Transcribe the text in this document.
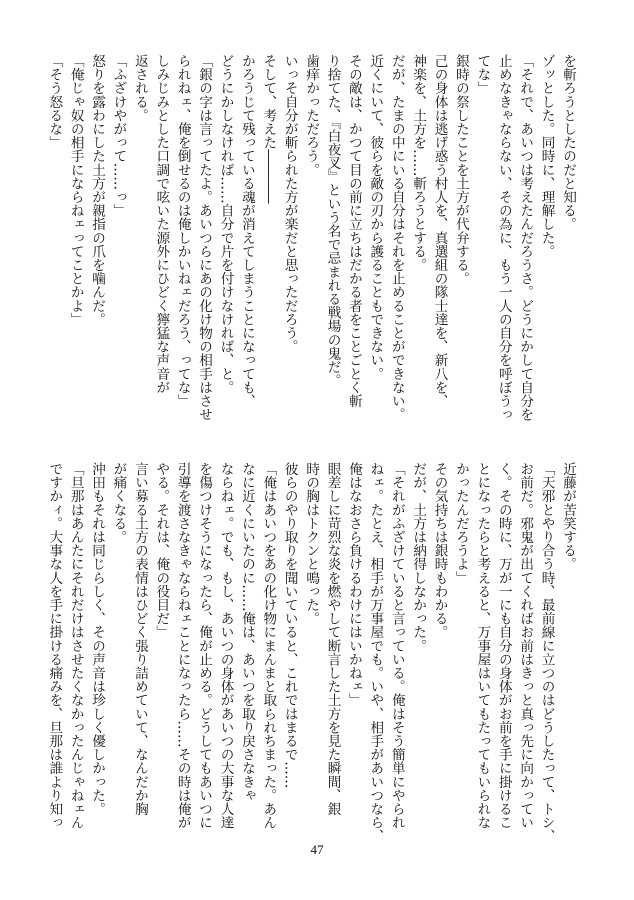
を斬ろうとしたのだと知る。
ゾッとした。同時に、理解した。
「それで、あいつは考えたんだろうさ。どうにかして自分を
止めなきゃならない、その為に、もう一人の自分を呼ぼうっ
てな」
銀時の祭したことを土方が代弁する。
己の身体は逃げ惑う村人を、真選組の隊士達を、新八を、
神楽を、土方を……斬ろうとする。
だが、たまの中にいる自分はそれを止めることができない。
近くにいて、彼らを敵の刃から護ることもできない。
その敵は、かつて目の前に立ちはだかる者をことごとく斬
り捨てた、『白夜叉』という名で忌まれる戦場の鬼だ。
歯痒かっただろう。
いっそ自分が斬られた方が楽だと思っただろう。
そして、考えた――――
かろうじて残っている魂が消えてしまうことになっても、
どうにかしなければ……自分で片を付けなければ、と。
「銀の字は言ってたよ。あいつらにあの化け物の相手はさせ
られねェ、俺を倒せるのは俺しかいねェだろう、ってな」
しみじみとした口調で呟いた源外にひどく獰猛な声音が
返される。
「ふざけやがって……っ」
怒りを露わにした土方が親指の爪を噛んだ。
「俺じゃ奴の相手にならねェってことかよ」
「そう怒るな」
近藤が苦笑する。
「天邪とやり合う時、最前線に立つのはどうしたって、トシ、
お前だ。邪鬼が出てくればお前はきっと真っ先に向かってい
く。その時に、万が一にも自分の身体がお前を手に掛けるこ
とになったらと考えると、万事屋はいてもたってもいられな
かったんだろうよ」
その気持ちは銀時もわかる。
だが、土方は納得しなかった。
「それがふざけていると言っている。俺はそう簡単にやられ
ねェ。たとえ、相手が万事屋でも。いや、相手があいつなら、
俺はなおさら負けるわけにはいかねェ」
眼差しに苛烈な炎を燃やして断言した土方を見た瞬間、銀
時の胸はトクンと鳴った。
彼らのやり取りを聞いていると、これではまるで……
「俺はあいつをあの化け物にまんまと取られちまった。あん
なに近くにいたのに……俺は、あいつを取り戻さなきゃ
ならねェ。でも、もし、あいつの身体があいつの大事な人達
を傷つけそうになったら、俺が止める。どうしてもあいつに
引導を渡さなきゃならねェことになったら……その時は俺が
やる。それは、俺の役目だ」
言い募る土方の表情はひどく張り詰めていて、なんだか胸
が痛くなる。
沖田もそれは同じらしく、その声音は珍しく優しかった。
「旦那はあんたにそれだけはさせたくなかったんじゃねェん
ですかィ。大事な人を手に掛ける痛みを、旦那は誰より知っ
47
